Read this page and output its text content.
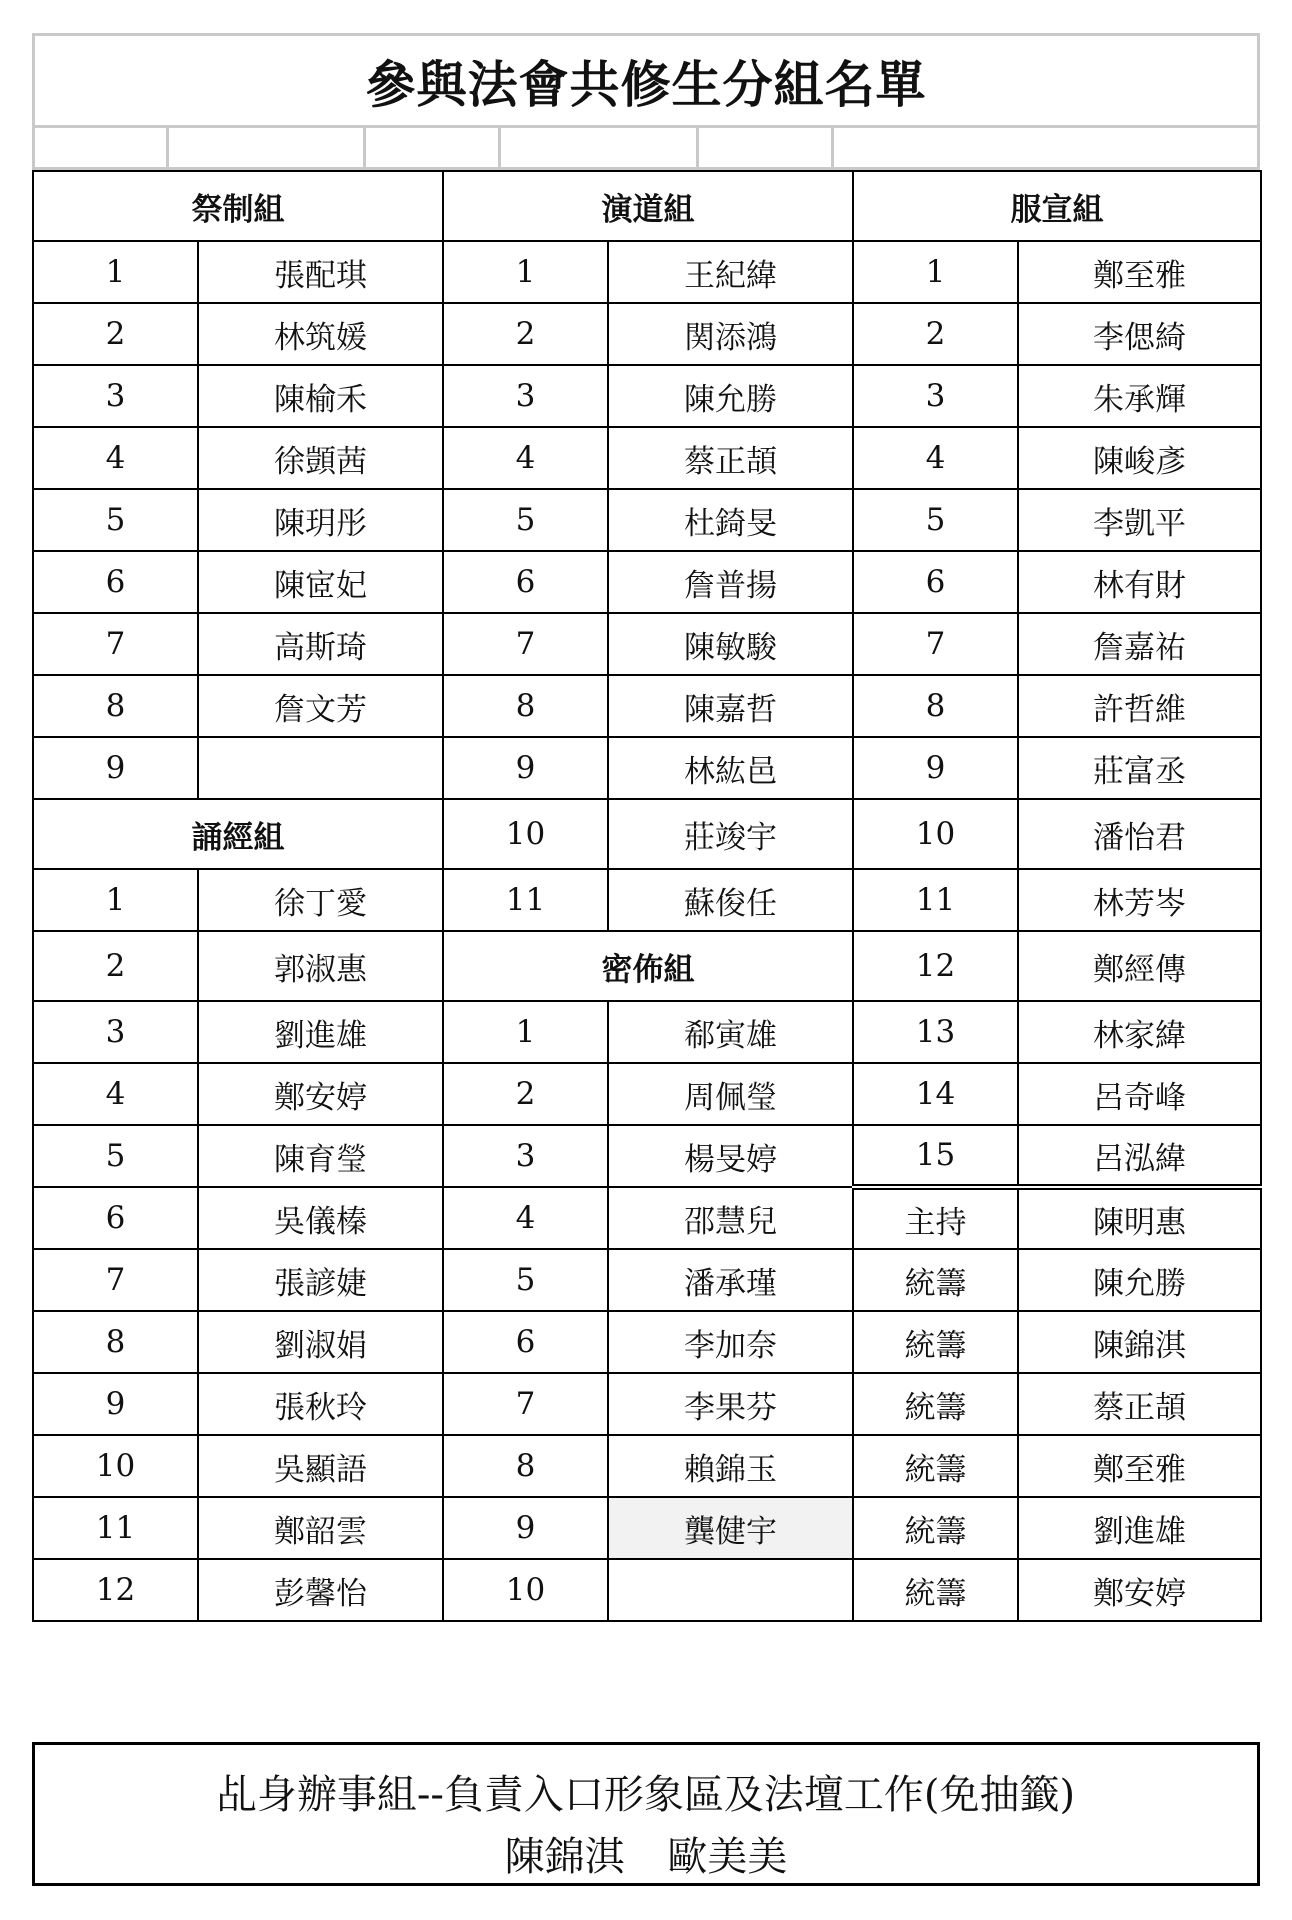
參與法會共修生分組名單
祭制組		演道組		服宣組	
1	張配琪	1	王紀緯	1	鄭至雅
2	林筑媛	2	関添鴻	2	李偲綺
3	陳榆禾	3	陳允勝	3	朱承輝
4	徐顗茜	4	蔡正頡	4	陳峻彥
5	陳玥彤	5	杜錡旻	5	李凱平
6	陳宧妃	6	詹普揚	6	林有財
7	高斯琦	7	陳敏駿	7	詹嘉祐
8	詹文芳	8	陳嘉哲	8	許哲維
9		9	林紘邑	9	莊富丞
誦經組		10	莊竣宇	10	潘怡君
1	徐丁愛	11	蘇俊任	11	林芳岑
2	郭淑惠	密佈組		12	鄭經傳
3	劉進雄	1	郗寅雄	13	林家緯
4	鄭安婷	2	周佩瑩	14	呂奇峰
5	陳育瑩	3	楊旻婷	15	呂泓緯
6	吳儀榛	4	邵慧兒	主持	陳明惠
7	張諺婕	5	潘承瑾	統籌	陳允勝
8	劉淑娟	6	李加奈	統籌	陳錦淇
9	張秋玲	7	李果芬	統籌	蔡正頡
10	吳顯語	8	賴錦玉	統籌	鄭至雅
11	鄭韶雲	9	龔健宇	統籌	劉進雄
12	彭馨怡	10		統籌	鄭安婷
乩身辦事組--負責入口形象區及法壇工作(免抽籤)
陳錦淇 歐美美
